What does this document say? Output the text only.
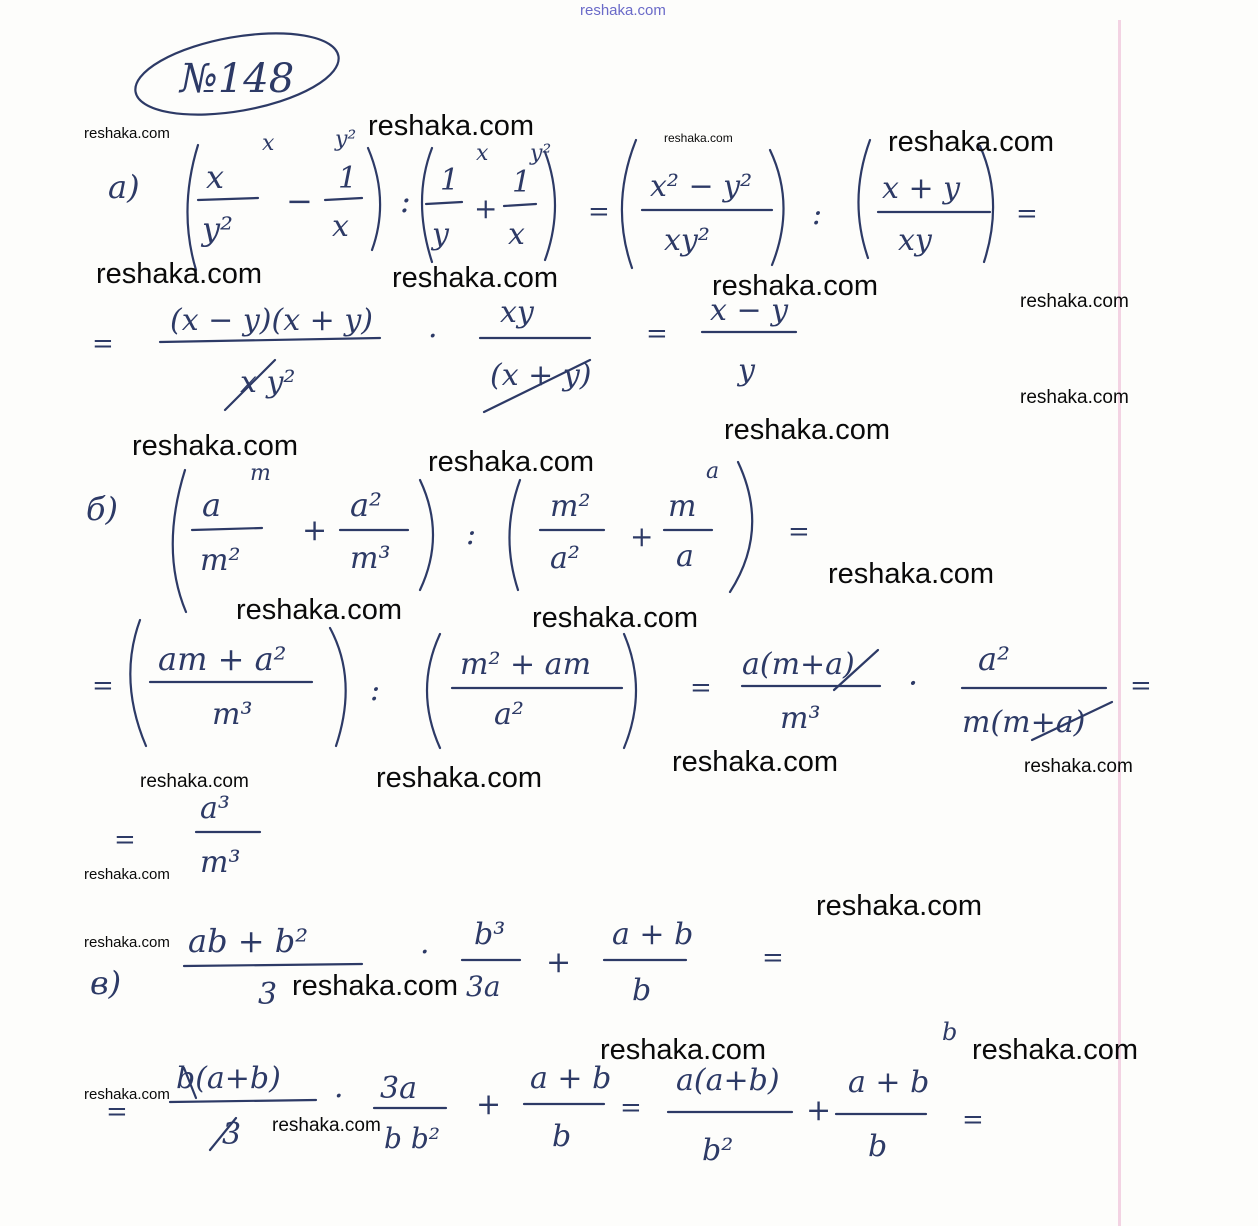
№148
а)
x	y²
x
y²
−
1
x
:
x y²
1
y
+
1
x
=
x² − y²
xy²
:
x + y
xy
=
=
(x − y)(x + y)
x y²
·
xy
(x + y)
=
x − y
y
б)
m
a
m²
+
a²
m³
:
m²
a²
+
m
a
a
=
=
am + a²
m³
:
m² + am
a²
=
a(m+a)
m³
·
a²
m(m+a)
=
=
a³
m³
в)
ab + b²
3
·
b³
3a
+
a + b
b
=
=
b(a+b)
3
· 3a
b b²
+
a + b
b
=
a(a+b)
b²
+
a + b
b
b
=
reshaka.com
reshaka.com	reshaka.com	reshaka.com	reshaka.com
reshaka.com	reshaka.com	reshaka.com	reshaka.com
reshaka.com
reshaka.com
reshaka.com	reshaka.com
reshaka.com
reshaka.com	reshaka.com
reshaka.com	reshaka.com
reshaka.com	reshaka.com
reshaka.com
reshaka.com
reshaka.com
reshaka.com
reshaka.com	reshaka.com
reshaka.com
reshaka.com
